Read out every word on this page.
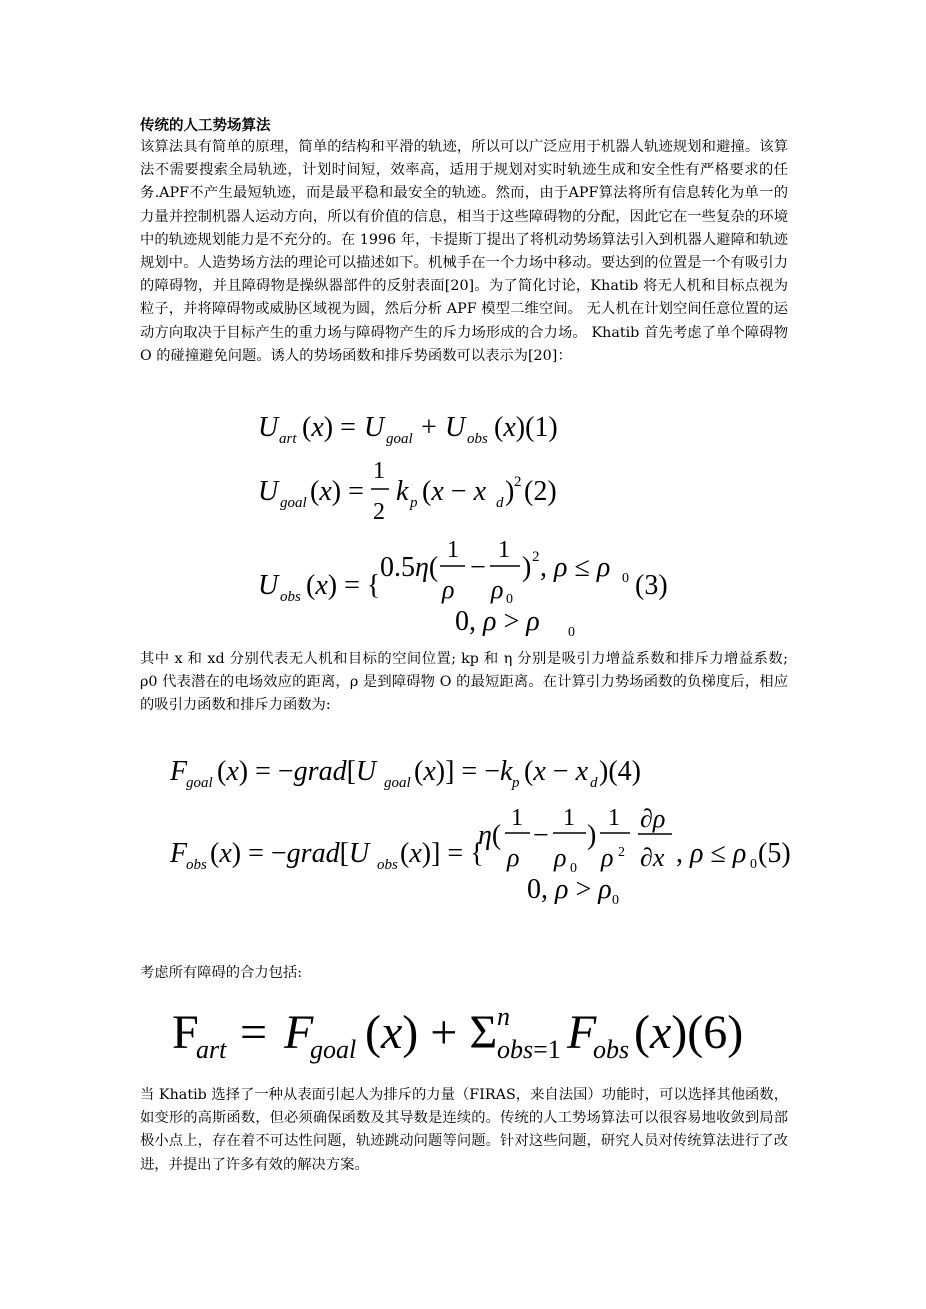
传统的人工势场算法

该算法具有简单的原理，简单的结构和平滑的轨迹，所以可以广泛应用于机器人轨迹规划和避撞。该算法不需要搜索全局轨迹，计划时间短，效率高，适用于规划对实时轨迹生成和安全性有严格要求的任务.APF不产生最短轨迹，而是最平稳和最安全的轨迹。然而，由于APF算法将所有信息转化为单一的力量并控制机器人运动方向，所以有价值的信息，相当于这些障碍物的分配，因此它在一些复杂的环境中的轨迹规划能力是不充分的。在 1996 年，卡提斯丁提出了将机动势场算法引入到机器人避障和轨迹规划中。人造势场方法的理论可以描述如下。机械手在一个力场中移动。要达到的位置是一个有吸引力的障碍物，并且障碍物是操纵器部件的反射表面[20]。为了简化讨论，Khatib 将无人机和目标点视为粒子，并将障碍物或威胁区域视为圆，然后分析 APF 模型二维空间。 无人机在计划空间任意位置的运动方向取决于目标产生的重力场与障碍物产生的斥力场形成的合力场。 Khatib 首先考虑了单个障碍物 O 的碰撞避免问题。诱人的势场函数和排斥势函数可以表示为[20]：

U art (x) = U goal + U obs (x)(1)
U goal (x) =
1
2
k p (x − x d ) 2 (2)
U obs (x) = {
0.5η(
1
ρ
−
1
ρ 0
) 2 , ρ ≤ ρ 0 (3)
0, ρ > ρ 0
F
goal (x) = −grad[U goal (x)] = −k p (x − x d )(4)
F
obs (x) = −grad[U obs (x)] = {
η(
1
ρ
−
1
ρ 0
)
1
ρ 2
∂ρ
∂x , ρ ≤ ρ 0 (5)
0, ρ > ρ 0
F
art = F
goal (x) + Σ n
obs=1 F
obs (x)(6)

其中 x 和 xd 分别代表无人机和目标的空间位置; kp 和 η 分别是吸引力增益系数和排斥力增益系数; ρ0 代表潜在的电场效应的距离，ρ 是到障碍物 O 的最短距离。在计算引力势场函数的负梯度后，相应的吸引力函数和排斥力函数为:

考虑所有障碍的合力包括:

当 Khatib 选择了一种从表面引起人为排斥的力量（FIRAS，来自法国）功能时，可以选择其他函数，如变形的高斯函数，但必须确保函数及其导数是连续的。传统的人工势场算法可以很容易地收敛到局部极小点上，存在着不可达性问题，轨迹跳动问题等问题。针对这些问题，研究人员对传统算法进行了改进，并提出了许多有效的解决方案。
